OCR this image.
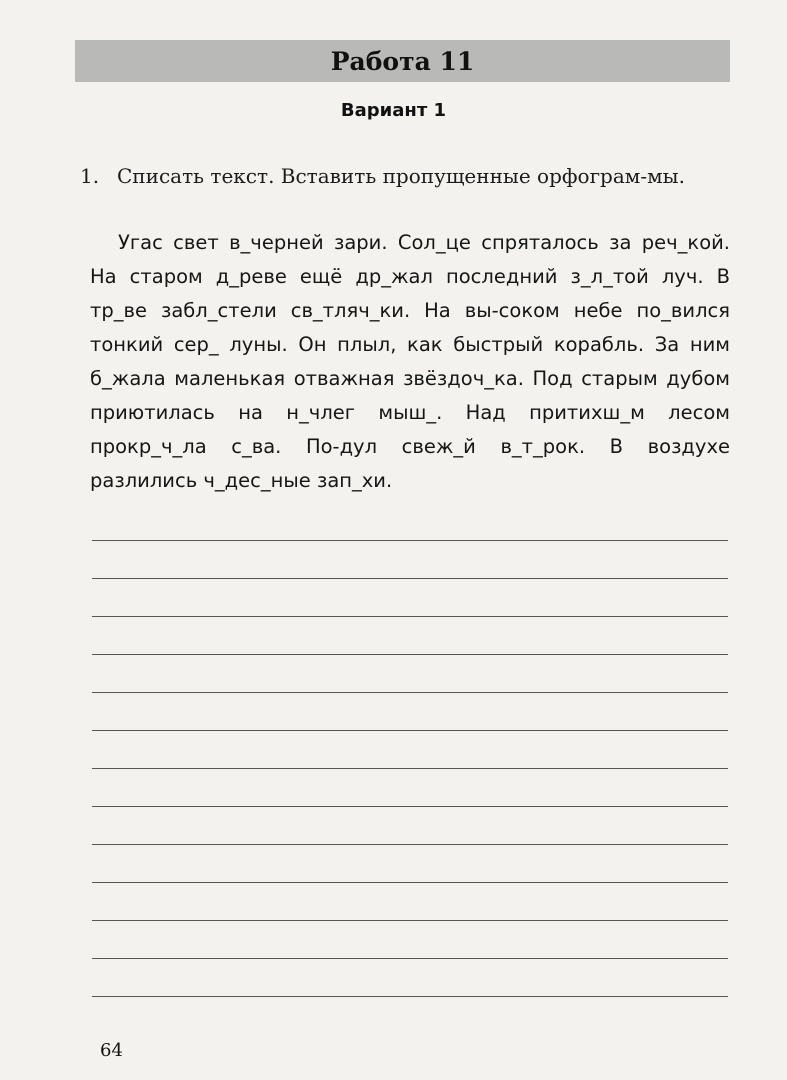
Работа 11
Вариант 1
1. Списать текст. Вставить пропущенные орфограм-мы.
Угас свет в_черней зари. Сол_це спряталось за реч_кой. На старом д_реве ещё др_жал последний з_л_той луч. В тр_ве забл_стели св_тляч_ки. На вы-соком небе по_вился тонкий сер_ луны. Он плыл, как быстрый корабль. За ним б_жала маленькая отважная звёздоч_ка. Под старым дубом приютилась на н_члег мыш_. Над притихш_м лесом прокр_ч_ла с_ва. По-дул свеж_й в_т_рок. В воздухе разлились ч_дес_ные зап_хи.
64
